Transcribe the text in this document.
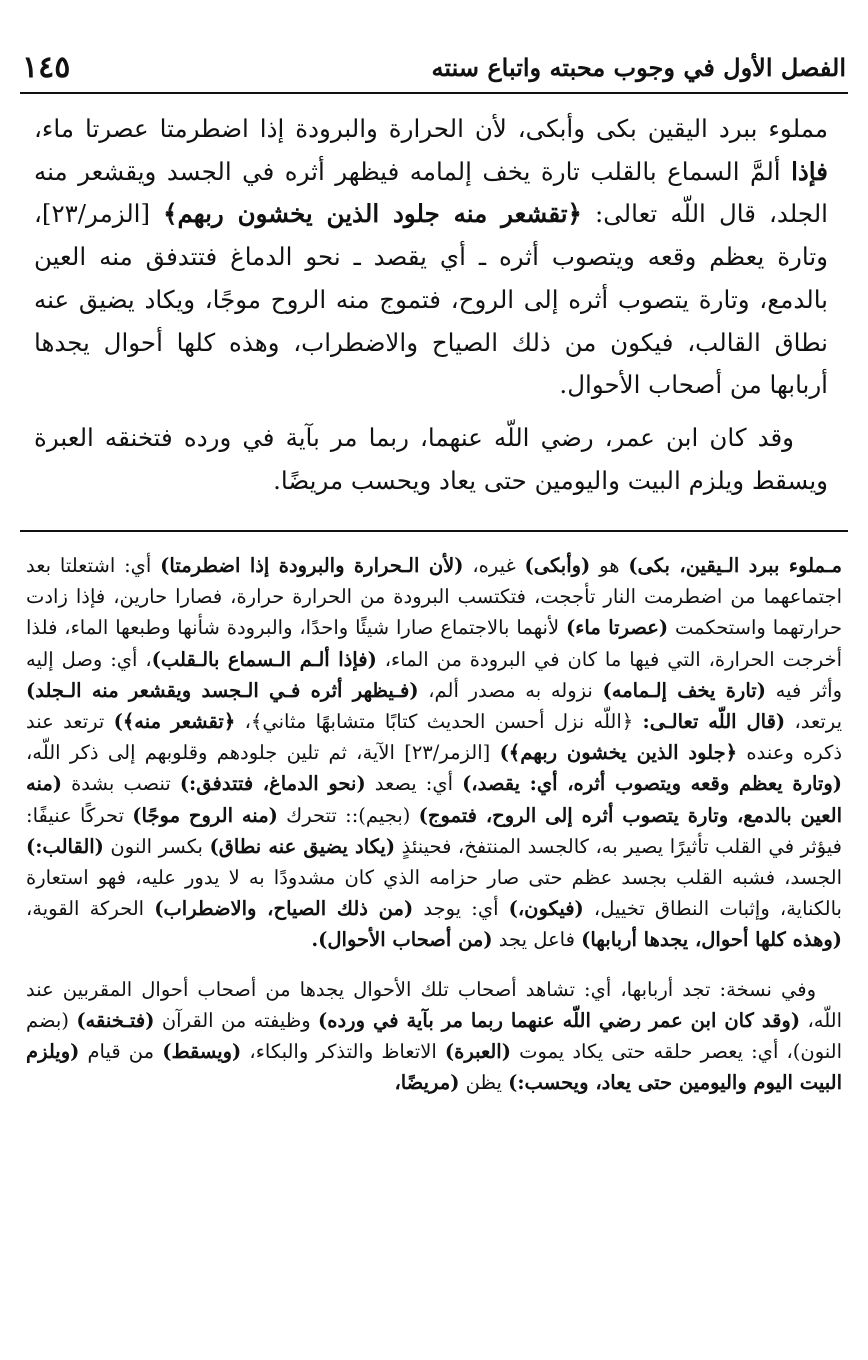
١٤٥	الفصل الأول في وجوب محبته واتباع سنته

مملوء ببرد اليقين بكى وأبكى، لأن الحرارة والبرودة إذا اضطرمتا عصرتا ماء، فإذا ألمَّ السماع بالقلب تارة يخف إلمامه فيظهر أثره في الجسد ويقشعر منه الجلد، قال اللّه تعالى: ﴿تقشعر منه جلود الذين يخشون ربهم﴾ [الزمر/٢٣]، وتارة يعظم وقعه ويتصوب أثره ـ أي يقصد ـ نحو الدماغ فتتدفق منه العين بالدمع، وتارة يتصوب أثره إلى الروح، فتموج منه الروح موجًا، ويكاد يضيق عنه نطاق القالب، فيكون من ذلك الصياح والاضطراب، وهذه كلها أحوال يجدها أربابها من أصحاب الأحوال.

وقد كان ابن عمر، رضي اللّه عنهما، ربما مر بآية في ورده فتخنقه العبرة ويسقط ويلزم البيت واليومين حتى يعاد ويحسب مريضًا.

مـملوء ببرد الـيقين، بكى) هو (وأبكى) غيره، (لأن الـحرارة والبرودة إذا اضطرمتا) أي: اشتعلتا بعد اجتماعهما من اضطرمت النار تأججت، فتكتسب البرودة من الحرارة حرارة، فصارا حارين، فإذا زادت حرارتهما واستحكمت (عصرتا ماء) لأنهما بالاجتماع صارا شيئًا واحدًا، والبرودة شأنها وطبعها الماء، فلذا أخرجت الحرارة، التي فيها ما كان في البرودة من الماء، (فإذا ألـم الـسماع بالـقلب)، أي: وصل إليه وأثر فيه (تارة يخف إلـمامه) نزوله به مصدر ألم، (فـيظهر أثره فـي الـجسد ويقشعر منه الـجلد) يرتعد، (قال اللّه تعالـى: ﴿اللّه نزل أحسن الحديث كتابًا متشابهًا مثاني﴾، ﴿تقشعر منه﴾) ترتعد عند ذكره وعنده ﴿جلود الذين يخشون ربهم﴾) [الزمر/٢٣] الآية، ثم تلين جلودهم وقلوبهم إلى ذكر اللّه، (وتارة يعظم وقعه ويتصوب أثره، أي: يقصد،) أي: يصعد (نحو الدماغ، فتتدفق:) تنصب بشدة (منه العين بالدمع، وتارة يتصوب أثره إلى الروح، فتموج) (بجيم):: تتحرك (منه الروح موجًا) تحركًا عنيفًا: فيؤثر في القلب تأثيرًا يصير به، كالجسد المنتفخ، فحينئذٍ (يكاد يضيق عنه نطاق) بكسر النون (القالب:) الجسد، فشبه القلب بجسد عظم حتى صار حزامه الذي كان مشدودًا به لا يدور عليه، فهو استعارة بالكناية، وإثبات النطاق تخييل، (فيكون،) أي: يوجد (من ذلك الصياح، والاضطراب) الحركة القوية، (وهذه كلها أحوال، يجدها أربابها) فاعل يجد (من أصحاب الأحوال).

وفي نسخة: تجد أربابها، أي: تشاهد أصحاب تلك الأحوال يجدها من أصحاب أحوال المقربين عند اللّه، (وقد كان ابن عمر رضي اللّه عنهما ربما مر بآية في ورده) وظيفته من القرآن (فتـخنقه) (بضم النون)، أي: يعصر حلقه حتى يكاد يموت (العبرة) الاتعاظ والتذكر والبكاء، (ويسقط) من قيام (ويلزم البيت اليوم واليومين حتى يعاد، ويحسب:) يظن (مريضًا،
